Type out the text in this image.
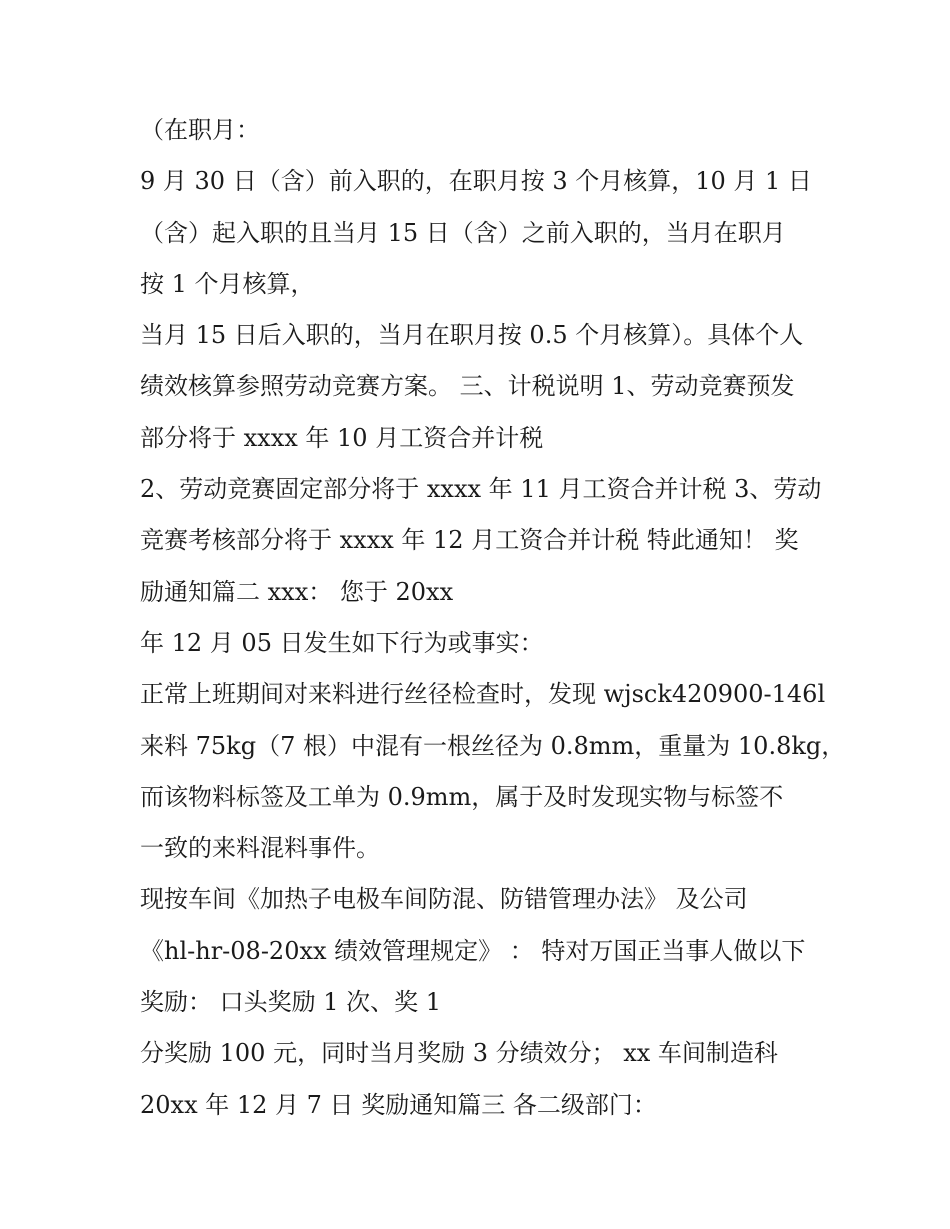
（在职月：
9 月 30 日（含）前入职的，在职月按 3 个月核算，10 月 1 日
（含）起入职的且当月 15 日（含）之前入职的，当月在职月
按 1 个月核算，
当月 15 日后入职的，当月在职月按 0.5 个月核算）。具体个人
绩效核算参照劳动竞赛方案。 三、计税说明 1、劳动竞赛预发
部分将于 xxxx 年 10 月工资合并计税
2、劳动竞赛固定部分将于 xxxx 年 11 月工资合并计税 3、劳动
竞赛考核部分将于 xxxx 年 12 月工资合并计税 特此通知！ 奖
励通知篇二 xxx： 您于 20xx
年 12 月 05 日发生如下行为或事实：
正常上班期间对来料进行丝径检查时，发现 wjsck420900-146l
来料 75kg（7 根）中混有一根丝径为 0.8mm，重量为 10.8kg，
而该物料标签及工单为 0.9mm，属于及时发现实物与标签不
一致的来料混料事件。
现按车间《加热子电极车间防混、防错管理办法》 及公司
《hl-hr-08-20xx 绩效管理规定》 ： 特对万国正当事人做以下
奖励： 口头奖励 1 次、奖 1
分奖励 100 元，同时当月奖励 3 分绩效分； xx 车间制造科
20xx 年 12 月 7 日 奖励通知篇三 各二级部门：
